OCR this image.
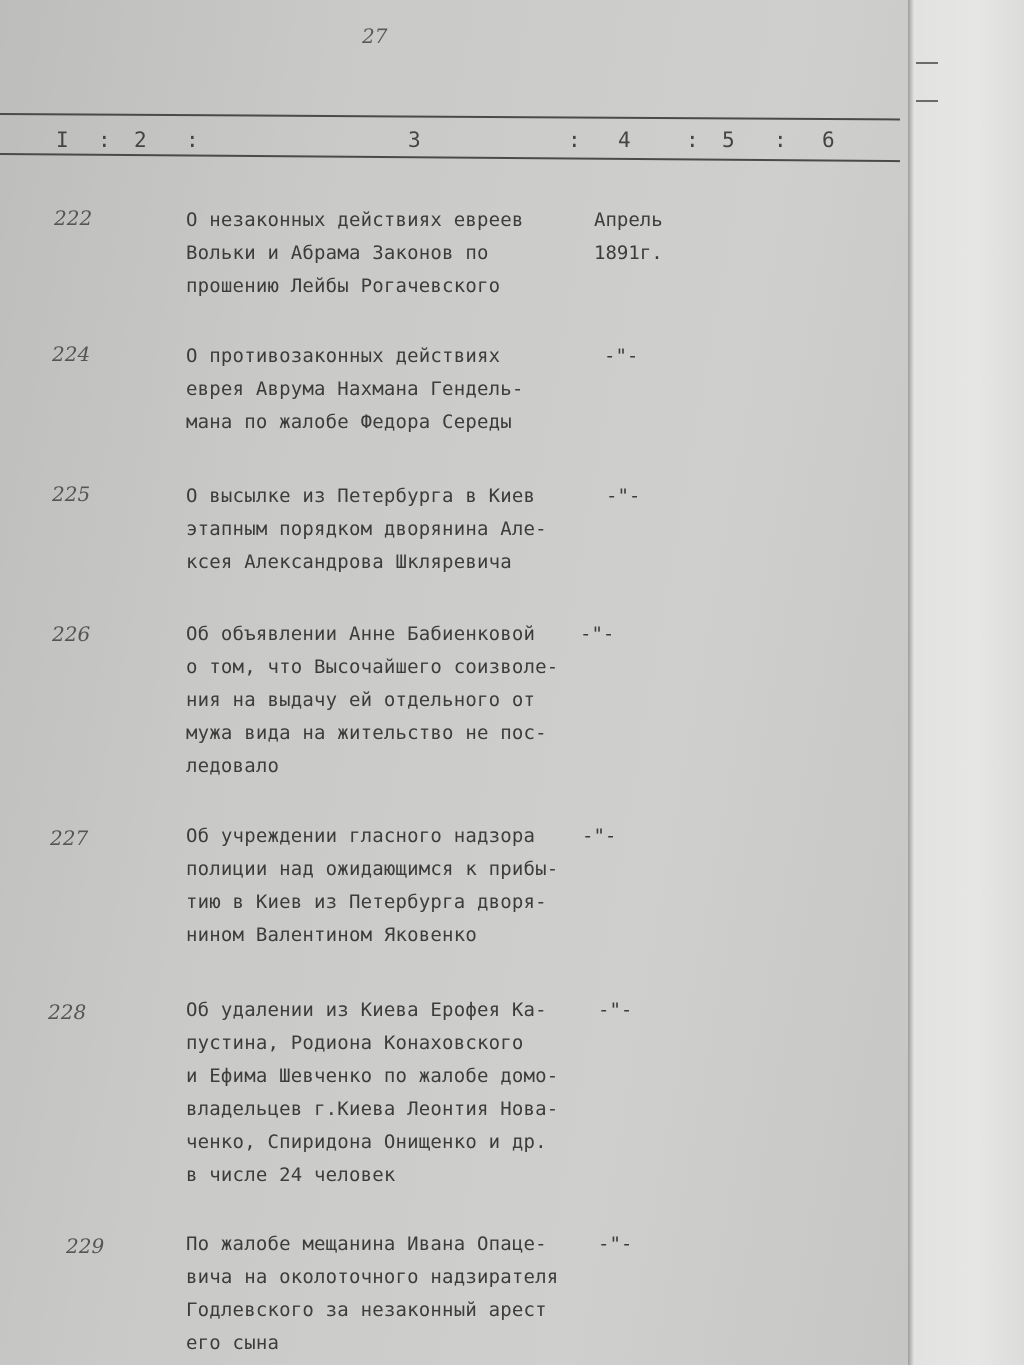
27
I : 2 :	3	: 4	: 5 : 6
222	О незаконных действиях евреев
Вольки и Абрама Законов по
прошению Лейбы Рогачевского
Апрель
1891г.
224	О противозаконных действиях
еврея Аврума Нахмана Гендель-
мана по жалобе Федора Середы
-"-
225	О высылке из Петербурга в Киев
этапным порядком дворянина Але-
ксея Александрова Шкляревича
-"-
226	Об объявлении Анне Бабиенковой
о том, что Высочайшего соизволе-
ния на выдачу ей отдельного от
мужа вида на жительство не пос-
ледовало
-"-
227	Об учреждении гласного надзора
полиции над ожидающимся к прибы-
тию в Киев из Петербурга дворя-
нином Валентином Яковенко
-"-
228	Об удалении из Киева Ерофея Ка-
пустина, Родиона Конаховского
и Ефима Шевченко по жалобе домо-
владельцев г.Киева Леонтия Нова-
ченко, Спиридона Онищенко и др.
в числе 24 человек
-"-
229	По жалобе мещанина Ивана Опаце-
вича на околоточного надзирателя
Годлевского за незаконный арест
его сына
-"-
